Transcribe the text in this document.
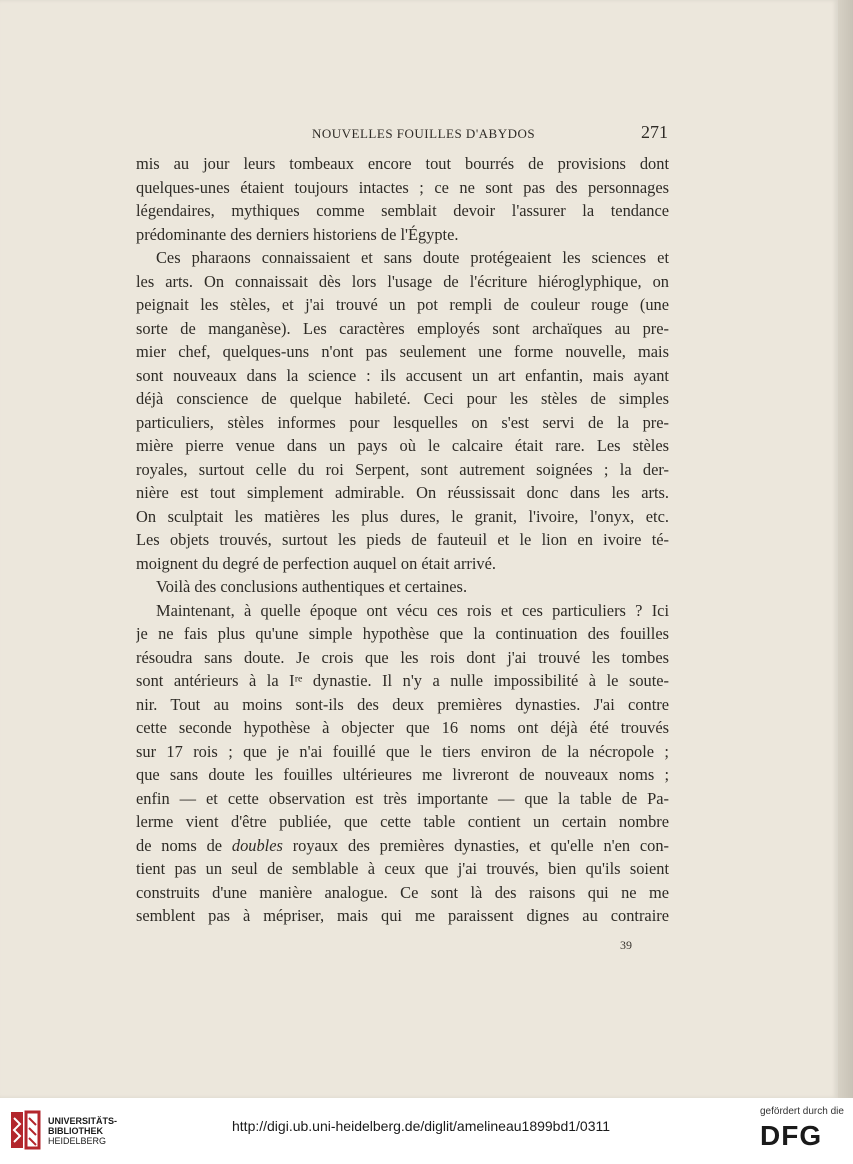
NOUVELLES FOUILLES D'ABYDOS	271
mis au jour leurs tombeaux encore tout bourrés de provisions dont
quelques-unes étaient toujours intactes ; ce ne sont pas des personnages
légendaires, mythiques comme semblait devoir l'assurer la tendance
prédominante des derniers historiens de l'Égypte.
Ces pharaons connaissaient et sans doute protégeaient les sciences et
les arts. On connaissait dès lors l'usage de l'écriture hiéroglyphique, on
peignait les stèles, et j'ai trouvé un pot rempli de couleur rouge (une
sorte de manganèse). Les caractères employés sont archaïques au pre-
mier chef, quelques-uns n'ont pas seulement une forme nouvelle, mais
sont nouveaux dans la science : ils accusent un art enfantin, mais ayant
déjà conscience de quelque habileté. Ceci pour les stèles de simples
particuliers, stèles informes pour lesquelles on s'est servi de la pre-
mière pierre venue dans un pays où le calcaire était rare. Les stèles
royales, surtout celle du roi Serpent, sont autrement soignées ; la der-
nière est tout simplement admirable. On réussissait donc dans les arts.
On sculptait les matières les plus dures, le granit, l'ivoire, l'onyx, etc.
Les objets trouvés, surtout les pieds de fauteuil et le lion en ivoire té-
moignent du degré de perfection auquel on était arrivé.
Voilà des conclusions authentiques et certaines.
Maintenant, à quelle époque ont vécu ces rois et ces particuliers ? Ici
je ne fais plus qu'une simple hypothèse que la continuation des fouilles
résoudra sans doute. Je crois que les rois dont j'ai trouvé les tombes
sont antérieurs à la Iʳᵉ dynastie. Il n'y a nulle impossibilité à le soute-
nir. Tout au moins sont-ils des deux premières dynasties. J'ai contre
cette seconde hypothèse à objecter que 16 noms ont déjà été trouvés
sur 17 rois ; que je n'ai fouillé que le tiers environ de la nécropole ;
que sans doute les fouilles ultérieures me livreront de nouveaux noms ;
enfin — et cette observation est très importante — que la table de Pa-
lerme vient d'être publiée, que cette table contient un certain nombre
de noms de doubles royaux des premières dynasties, et qu'elle n'en con-
tient pas un seul de semblable à ceux que j'ai trouvés, bien qu'ils soient
construits d'une manière analogue. Ce sont là des raisons qui ne me
semblent pas à mépriser, mais qui me paraissent dignes au contraire
39
UNIVERSITÄTS-
BIBLIOTHEK
HEIDELBERG
http://digi.ub.uni-heidelberg.de/diglit/amelineau1899bd1/0311
gefördert durch die
DFG
